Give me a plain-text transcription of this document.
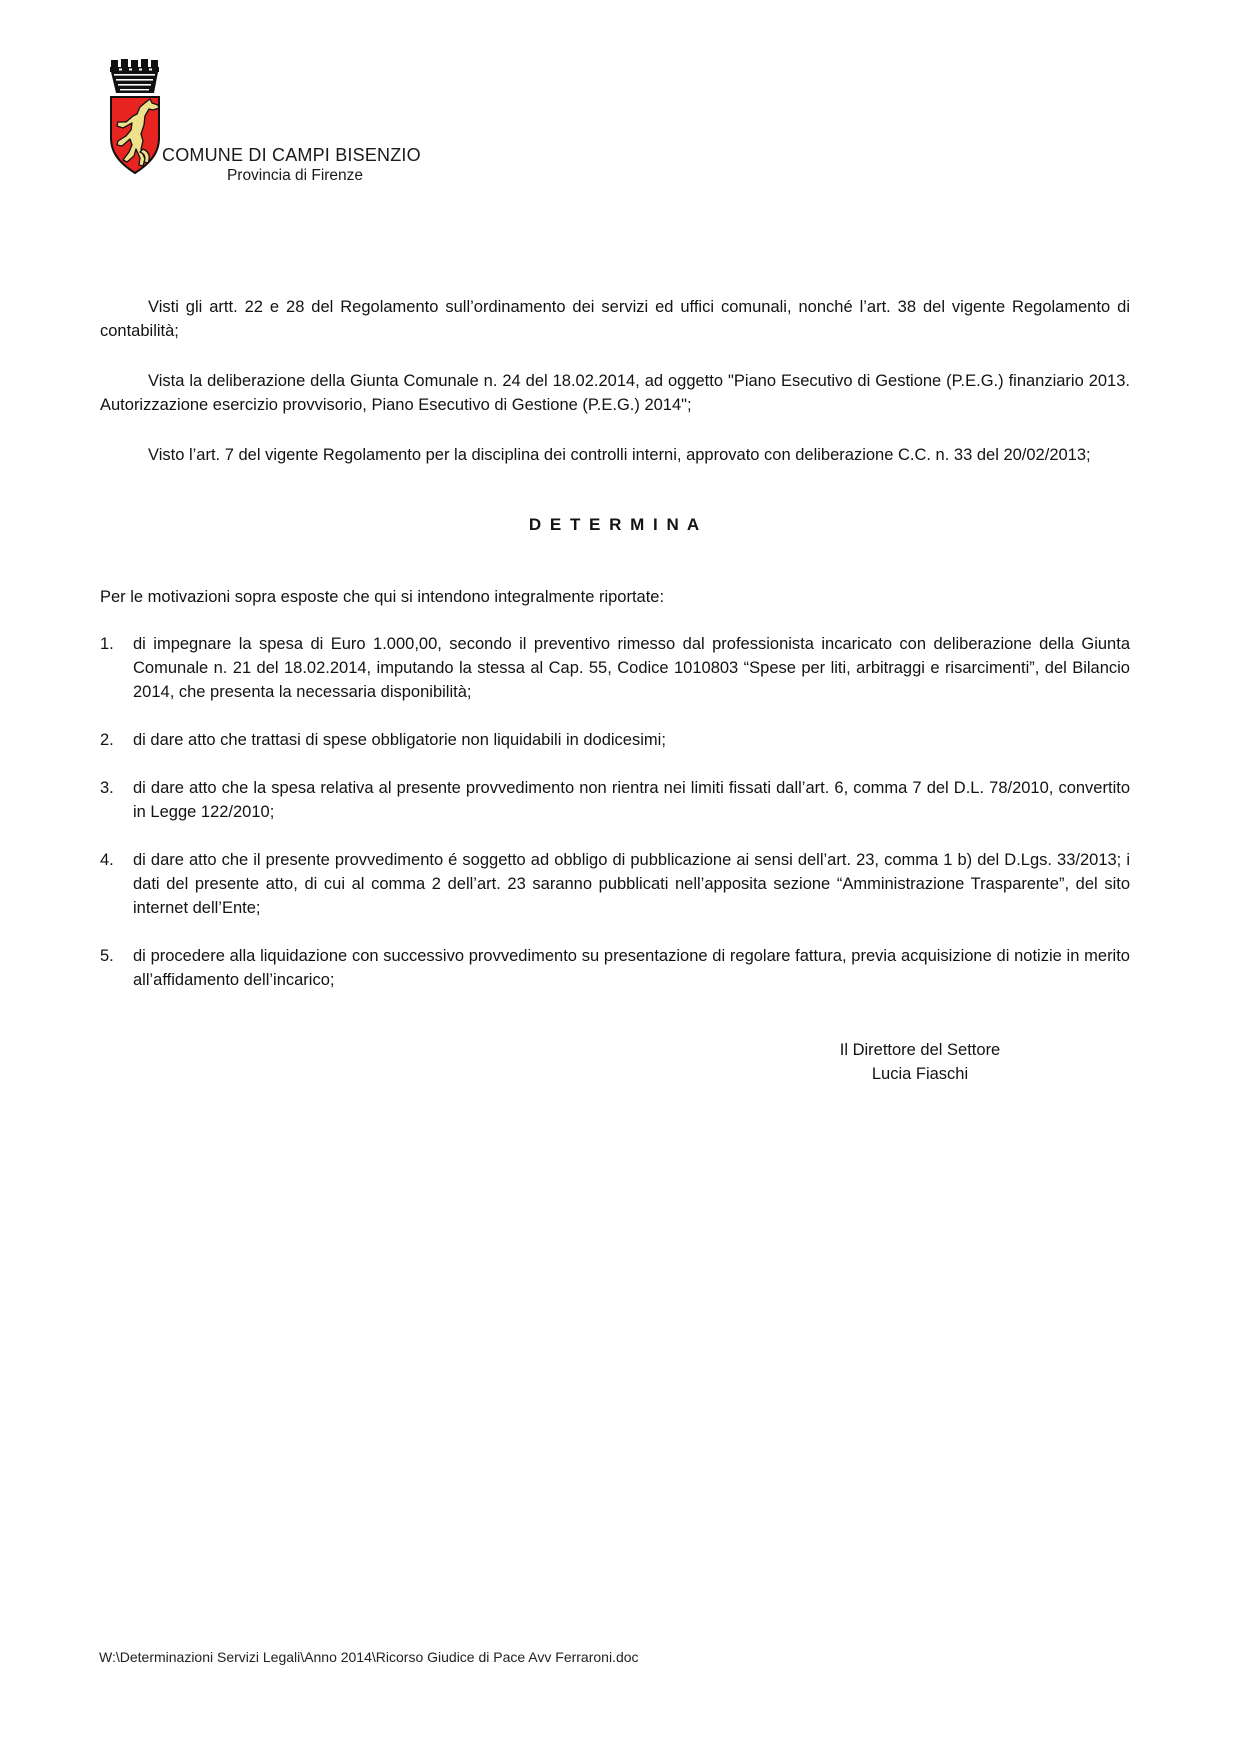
COMUNE DI CAMPI BISENZIO
Provincia di Firenze

Visti gli artt. 22 e 28 del Regolamento sull’ordinamento dei servizi ed uffici comunali, nonché l’art. 38 del vigente Regolamento di contabilità;

Vista la deliberazione della Giunta Comunale n. 24 del 18.02.2014, ad oggetto "Piano Esecutivo di Gestione (P.E.G.) finanziario 2013. Autorizzazione esercizio provvisorio, Piano Esecutivo di Gestione (P.E.G.) 2014";

Visto l’art. 7 del vigente Regolamento per la disciplina dei controlli interni, approvato con deliberazione C.C. n. 33 del 20/02/2013;

D E T E R M I N A

Per le motivazioni sopra esposte che qui si intendono integralmente riportate:

1.	di impegnare la spesa di Euro 1.000,00, secondo il preventivo rimesso dal professionista incaricato con deliberazione della Giunta Comunale n. 21 del 18.02.2014, imputando la stessa al Cap. 55, Codice 1010803 “Spese per liti, arbitraggi e risarcimenti”, del Bilancio 2014, che presenta la necessaria disponibilità;
2.	di dare atto che trattasi di spese obbligatorie non liquidabili in dodicesimi;
3.	di dare atto che la spesa relativa al presente provvedimento non rientra nei limiti fissati dall’art. 6, comma 7 del D.L. 78/2010, convertito in Legge 122/2010;
4.	di dare atto che il presente provvedimento é soggetto ad obbligo di pubblicazione ai sensi dell’art. 23, comma 1 b) del D.Lgs. 33/2013; i dati del presente atto, di cui al comma 2 dell’art. 23 saranno pubblicati nell’apposita sezione “Amministrazione Trasparente”, del sito internet dell’Ente;
5.	di procedere alla liquidazione con successivo provvedimento su presentazione di regolare fattura, previa acquisizione di notizie in merito all’affidamento dell’incarico;
Il Direttore del Settore
Lucia Fiaschi
W:\Determinazioni Servizi Legali\Anno 2014\Ricorso Giudice di Pace Avv Ferraroni.doc
